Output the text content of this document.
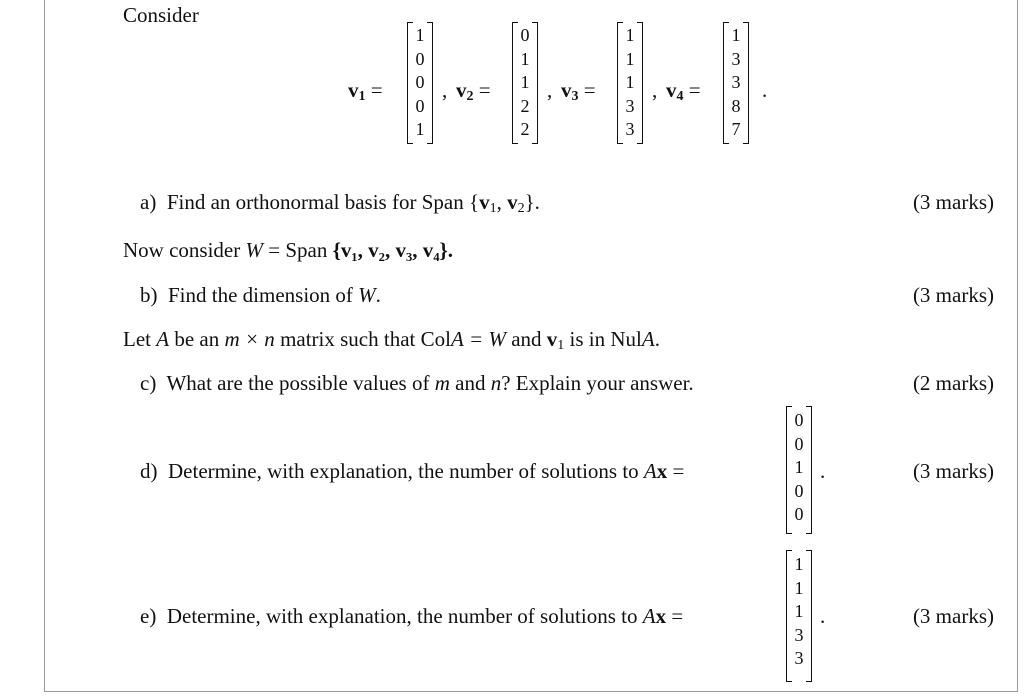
Consider
$v_1$ =
1
0
0
0
1
, $v_2$ =
0
1
1
2
2
, $v_3$ =
1
1
1
3
3
, $v_4$ =
1
3
3
8
7
.
a) Find an orthonormal basis for Span {$v_1$, $v_2$}.	(3 marks)
Now consider W = Span {v₁, v₂, v₃, v₄}.
b) Find the dimension of W.	(3 marks)
Let A be an m × n matrix such that ColA = W and $v_1$ is in NulA.
c) What are the possible values of m and n? Explain your answer.	(2 marks)
d) Determine, with explanation, the number of solutions to Ax =
0
0
1
0
0
.	(3 marks)
e) Determine, with explanation, the number of solutions to Ax =
1
1
1
3
3
.	(3 marks)
